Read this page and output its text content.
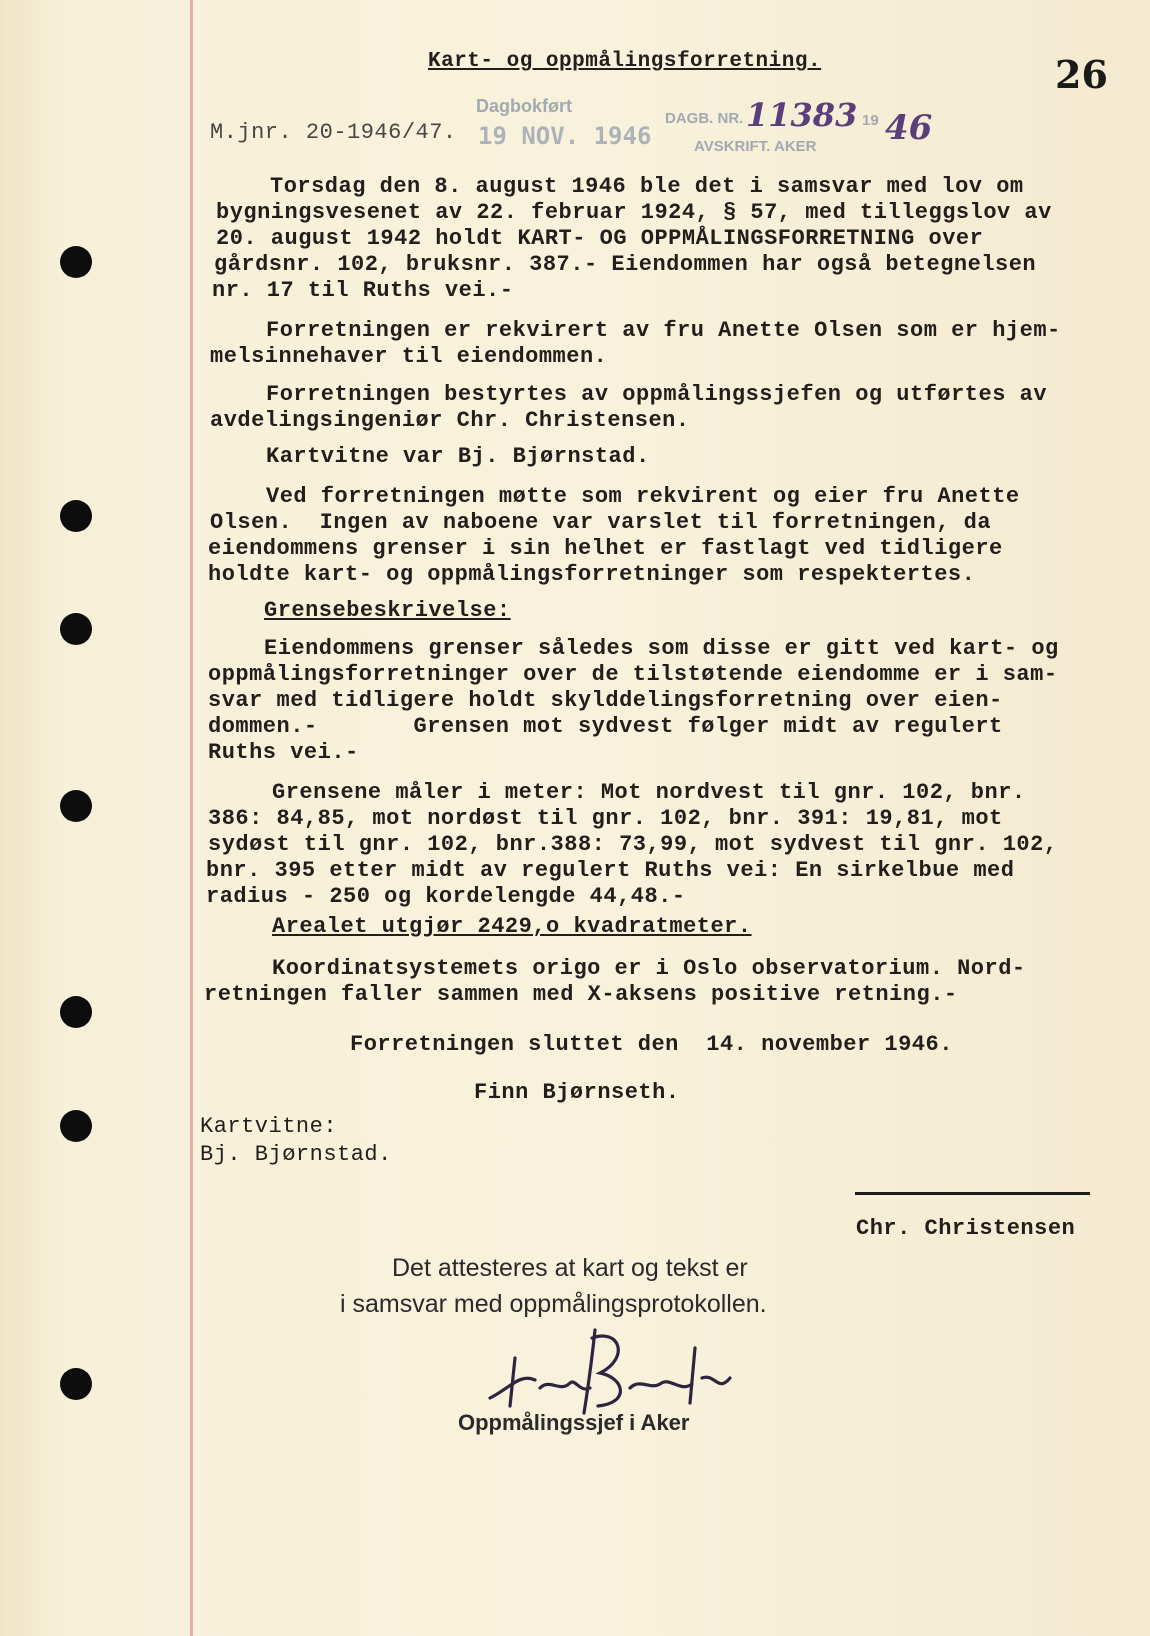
Kart- og oppmålingsforretning.	26
M.jnr. 20-1946/47.
Dagbokført
19 NOV. 1946
DAGB. NR. 11383 19 46
AVSKRIFT. AKER
Torsdag den 8. august 1946 ble det i samsvar med lov om
bygningsvesenet av 22. februar 1924, § 57, med tilleggslov av
20. august 1942 holdt KART- OG OPPMÅLINGSFORRETNING over
gårdsnr. 102, bruksnr. 387.- Eiendommen har også betegnelsen
nr. 17 til Ruths vei.-
Forretningen er rekvirert av fru Anette Olsen som er hjem-
melsinnehaver til eiendommen.
Forretningen bestyrtes av oppmålingssjefen og utførtes av
avdelingsingeniør Chr. Christensen.
Kartvitne var Bj. Bjørnstad.
Ved forretningen møtte som rekvirent og eier fru Anette
Olsen.  Ingen av naboene var varslet til forretningen, da
eiendommens grenser i sin helhet er fastlagt ved tidligere
holdte kart- og oppmålingsforretninger som respektertes.
Grensebeskrivelse:
Eiendommens grenser således som disse er gitt ved kart- og
oppmålingsforretninger over de tilstøtende eiendomme er i sam-
svar med tidligere holdt skylddelingsforretning over eien-
dommen.-       Grensen mot sydvest følger midt av regulert
Ruths vei.-
Grensene måler i meter: Mot nordvest til gnr. 102, bnr.
386: 84,85, mot nordøst til gnr. 102, bnr. 391: 19,81, mot
sydøst til gnr. 102, bnr.388: 73,99, mot sydvest til gnr. 102,
bnr. 395 etter midt av regulert Ruths vei: En sirkelbue med
radius - 250 og kordelengde 44,48.-
Arealet utgjør 2429,o kvadratmeter.
Koordinatsystemets origo er i Oslo observatorium. Nord-
retningen faller sammen med X-aksens positive retning.-
Forretningen sluttet den  14. november 1946.
Finn Bjørnseth.
Kartvitne:
Bj. Bjørnstad.
Chr. Christensen
Det attesteres at kart og tekst er
i samsvar med oppmålingsprotokollen.
Oppmålingssjef i Aker
